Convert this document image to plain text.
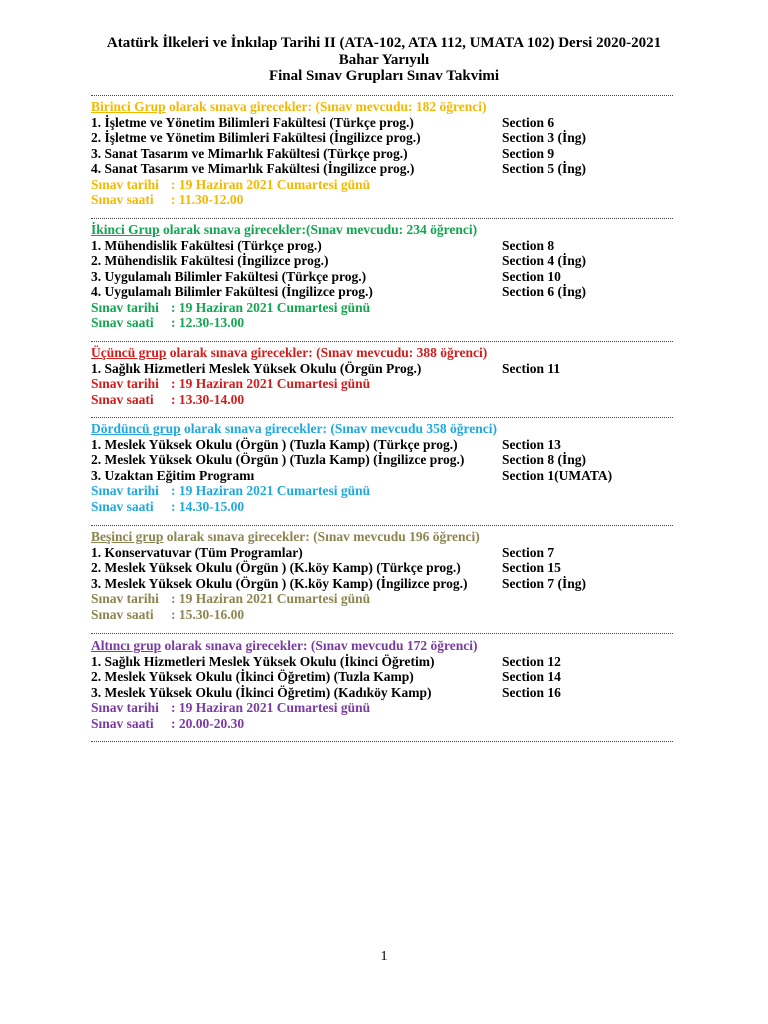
Atatürk İlkeleri ve İnkılap Tarihi II (ATA-102, ATA 112, UMATA 102) Dersi 2020-2021
Bahar Yarıyılı
Final Sınav Grupları Sınav Takvimi
Birinci Grup olarak sınava girecekler: (Sınav mevcudu: 182 öğrenci)
1. İşletme ve Yönetim Bilimleri Fakültesi (Türkçe prog.)	Section 6
2. İşletme ve Yönetim Bilimleri Fakültesi (İngilizce prog.)	Section 3 (İng)
3. Sanat Tasarım ve Mimarlık Fakültesi (Türkçe prog.)	Section 9
4. Sanat Tasarım ve Mimarlık Fakültesi (İngilizce prog.)	Section 5 (İng)
Sınav tarihi : 19 Haziran 2021 Cumartesi günü
Sınav saati : 11.30-12.00
İkinci Grup olarak sınava girecekler:(Sınav mevcudu: 234 öğrenci)
1. Mühendislik Fakültesi (Türkçe prog.)	Section 8
2. Mühendislik Fakültesi (İngilizce prog.)	Section 4 (İng)
3. Uygulamalı Bilimler Fakültesi (Türkçe prog.)	Section 10
4. Uygulamalı Bilimler Fakültesi (İngilizce prog.)	Section 6 (İng)
Sınav tarihi : 19 Haziran 2021 Cumartesi günü
Sınav saati : 12.30-13.00
Üçüncü grup olarak sınava girecekler: (Sınav mevcudu: 388 öğrenci)
1. Sağlık Hizmetleri Meslek Yüksek Okulu (Örgün Prog.)	Section 11
Sınav tarihi : 19 Haziran 2021 Cumartesi günü
Sınav saati : 13.30-14.00
Dördüncü grup olarak sınava girecekler: (Sınav mevcudu 358 öğrenci)
1. Meslek Yüksek Okulu (Örgün ) (Tuzla Kamp) (Türkçe prog.)	Section 13
2. Meslek Yüksek Okulu (Örgün ) (Tuzla Kamp) (İngilizce prog.)	Section 8 (İng)
3. Uzaktan Eğitim Programı	Section 1(UMATA)
Sınav tarihi : 19 Haziran 2021 Cumartesi günü
Sınav saati : 14.30-15.00
Beşinci grup olarak sınava girecekler: (Sınav mevcudu 196 öğrenci)
1. Konservatuvar (Tüm Programlar)	Section 7
2. Meslek Yüksek Okulu (Örgün ) (K.köy Kamp) (Türkçe prog.)	Section 15
3. Meslek Yüksek Okulu (Örgün ) (K.köy Kamp) (İngilizce prog.)	Section 7 (İng)
Sınav tarihi : 19 Haziran 2021 Cumartesi günü
Sınav saati : 15.30-16.00
Altıncı grup olarak sınava girecekler: (Sınav mevcudu 172 öğrenci)
1. Sağlık Hizmetleri Meslek Yüksek Okulu (İkinci Öğretim)	Section 12
2. Meslek Yüksek Okulu (İkinci Öğretim) (Tuzla Kamp)	Section 14
3. Meslek Yüksek Okulu (İkinci Öğretim) (Kadıköy Kamp)	Section 16
Sınav tarihi : 19 Haziran 2021 Cumartesi günü
Sınav saati : 20.00-20.30
1
